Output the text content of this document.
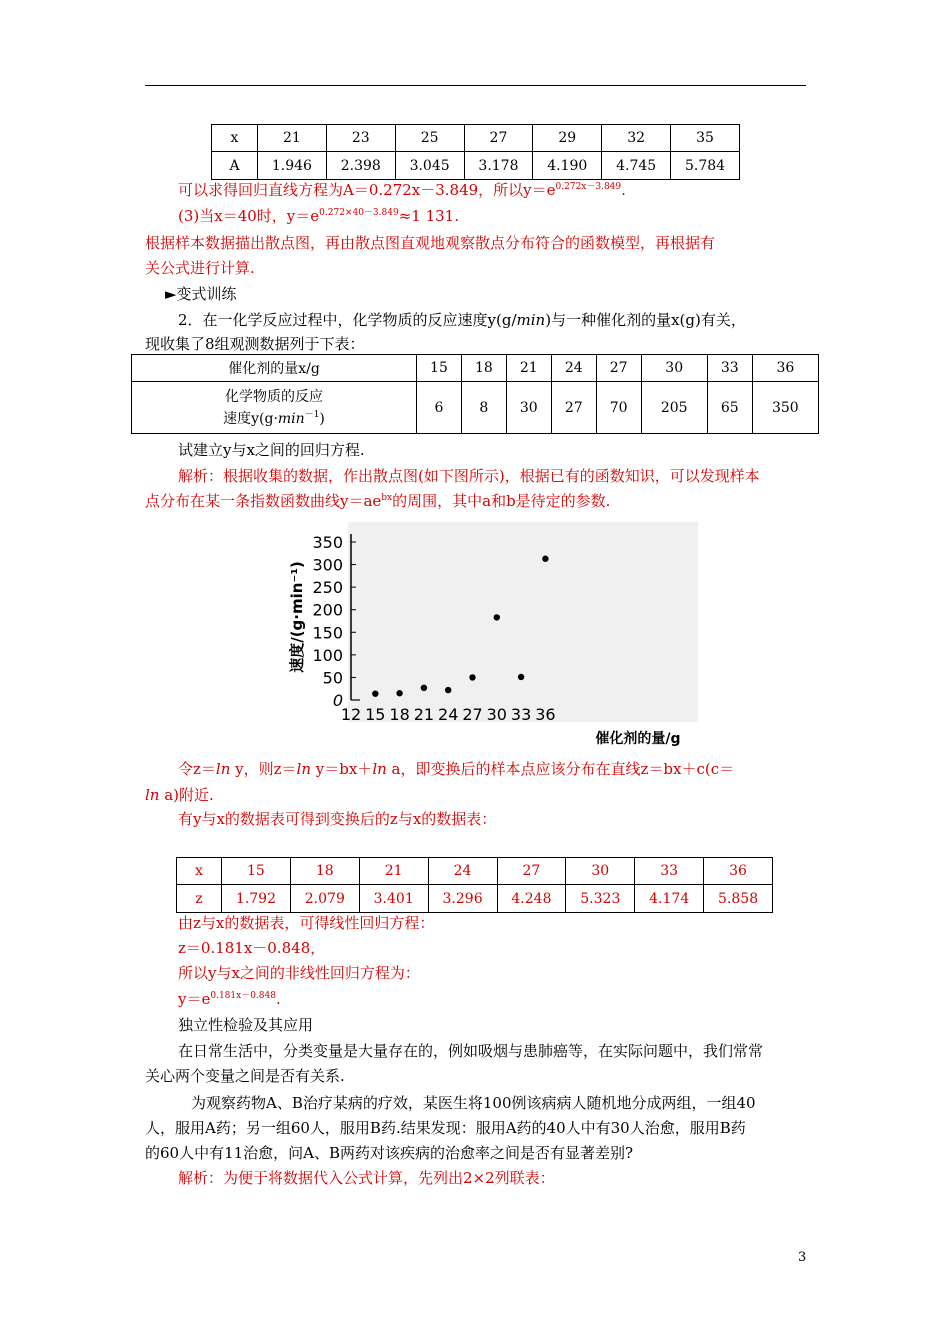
x	21	23	25	27	29	32	35
A	1.946	2.398	3.045	3.178	4.190	4.745	5.784
可以求得回归直线方程为A＝0.272x－3.849，所以$y=e^{0.272x-3.849}$.
(3)当x＝40时，$y=e^{0.272\times 40-3.849}\approx 1$ 131.
根据样本数据描出散点图，再由散点图直观地观察散点分布符合的函数模型，再根据有
关公式进行计算.
►变式训练
2．在一化学反应过程中，化学物质的反应速度y(g/min)与一种催化剂的量x(g)有关，
现收集了8组观测数据列于下表：
催化剂的量x/g	15	18	21	24	27	30	33	36
化学物质的反应
速度$y(g\cdot\min^{-1})$	6	8	30	27	70	205	65	350
试建立y与x之间的回归方程.
解析：根据收集的数据，作出散点图(如下图所示)，根据已有的函数知识，可以发现样本
点分布在某一条指数函数曲线$y=ae^{bx}$的周围，其中a和b是待定的参数.
0
50
100
150
200
250
300
350
12 15 18 21 24 27 30 33 36
速度/(g·min⁻¹)
催化剂的量/g
令z＝ln y，则z＝ln y＝bx＋ln a，即变换后的样本点应该分布在直线z＝bx＋c(c＝
ln a)附近.
有y与x的数据表可得到变换后的z与x的数据表：
x	15	18	21	24	27	30	33	36
z	1.792	2.079	3.401	3.296	4.248	5.323	4.174	5.858
由z与x的数据表，可得线性回归方程：
z＝0.181x－0.848，
所以y与x之间的非线性回归方程为：
$y=e^{0.181x-0.848}$.
独立性检验及其应用
在日常生活中，分类变量是大量存在的，例如吸烟与患肺癌等，在实际问题中，我们常常
关心两个变量之间是否有关系.
为观察药物A、B治疗某病的疗效，某医生将100例该病病人随机地分成两组，一组40
人，服用A药；另一组60人，服用B药.结果发现：服用A药的40人中有30人治愈，服用B药
的60人中有11治愈，问A、B两药对该疾病的治愈率之间是否有显著差别?
解析：为便于将数据代入公式计算，先列出2×2列联表：
3
